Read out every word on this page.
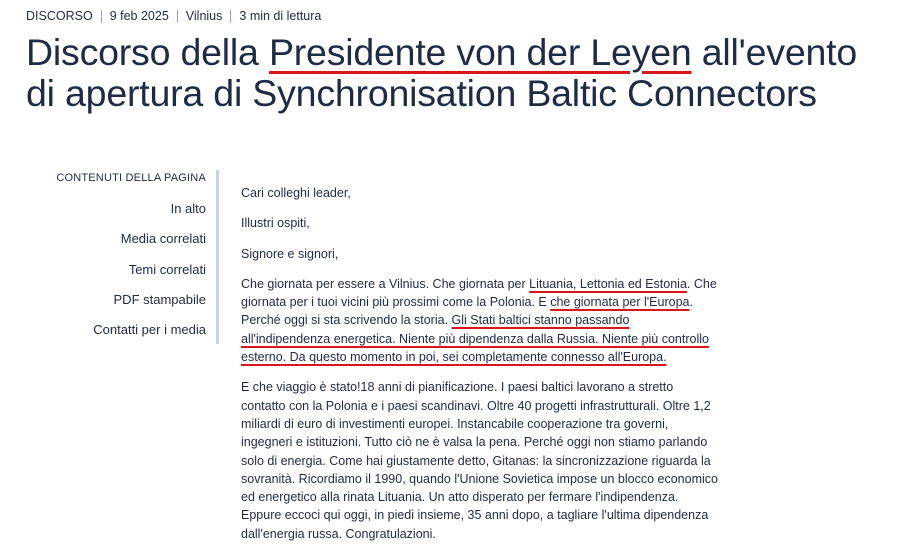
DISCORSO 9 feb 2025 Vilnius 3 min di lettura
Discorso della Presidente von der Leyen all'evento di apertura di Synchronisation Baltic Connectors
CONTENUTI DELLA PAGINA
In alto
Media correlati
Temi correlati
PDF stampabile
Contatti per i media

Cari colleghi leader,

Illustri ospiti,

Signore e signori,

Che giornata per essere a Vilnius. Che giornata per Lituania, Lettonia ed Estonia. Che giornata per i tuoi vicini più prossimi come la Polonia. E che giornata per l'Europa. Perché oggi si sta scrivendo la storia. Gli Stati baltici stanno passando all'indipendenza energetica. Niente più dipendenza dalla Russia. Niente più controllo esterno. Da questo momento in poi, sei completamente connesso all'Europa.

E che viaggio è stato!18 anni di pianificazione. I paesi baltici lavorano a stretto contatto con la Polonia e i paesi scandinavi. Oltre 40 progetti infrastrutturali. Oltre 1,2 miliardi di euro di investimenti europei. Instancabile cooperazione tra governi, ingegneri e istituzioni. Tutto ciò ne è valsa la pena. Perché oggi non stiamo parlando solo di energia. Come hai giustamente detto, Gitanas: la sincronizzazione riguarda la sovranità. Ricordiamo il 1990, quando l'Unione Sovietica impose un blocco economico ed energetico alla rinata Lituania. Un atto disperato per fermare l'indipendenza. Eppure eccoci qui oggi, in piedi insieme, 35 anni dopo, a tagliare l'ultima dipendenza dall'energia russa. Congratulazioni.
